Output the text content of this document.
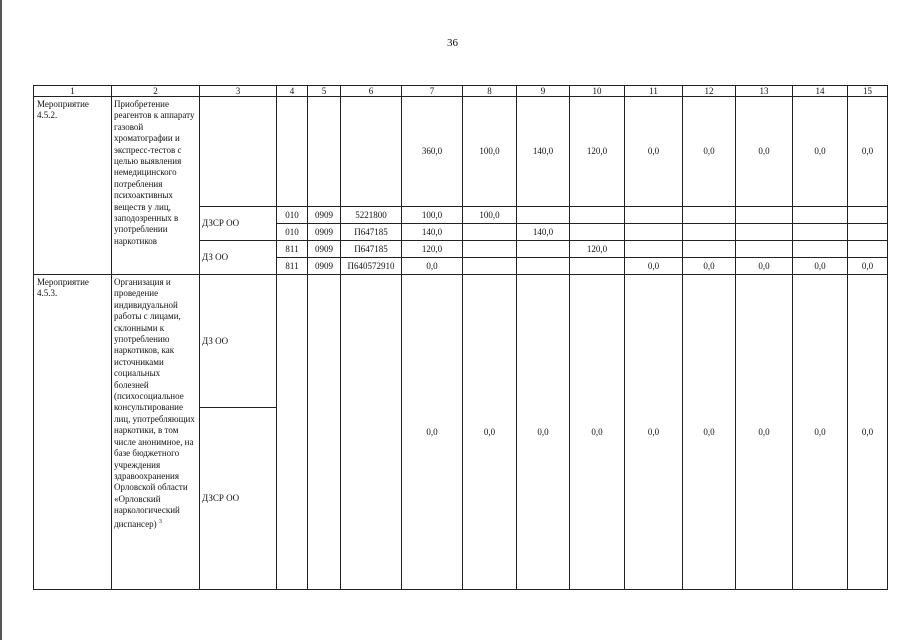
36
1	2	3	4	5	6	7	8	9	10	11	12	13	14	15
Мероприятие 4.5.2.	Приобретение реагентов к аппарату газовой хроматографии и экспресс-тестов с целью выявления немедицинского потребления психоактивных веществ у лиц, заподозренных в употреблении наркотиков					360,0	100,0	140,0	120,0	0,0	0,0	0,0	0,0	0,0
		ДЗСР ОО	010	0909	5221800	100,0	100,0							
			010	0909	П647185	140,0		140,0						
		ДЗ ОО	811	0909	П647185	120,0			120,0					
			811	0909	П640572910	0,0				0,0	0,0	0,0	0,0	0,0
Мероприятие 4.5.3.	Организация и проведение индивидуальной работы с лицами, склонными к употреблению наркотиков, как источниками социальных болезней (психосоциальное консультирование лиц, употребляющих наркотики, в том числе анонимное, на базе бюджетного учреждения здравоохранения Орловской области «Орловский наркологический диспансер) $^3$	ДЗ ОО				0,0	0,0	0,0	0,0	0,0	0,0	0,0	0,0	0,0
		ДЗСР ОО												
